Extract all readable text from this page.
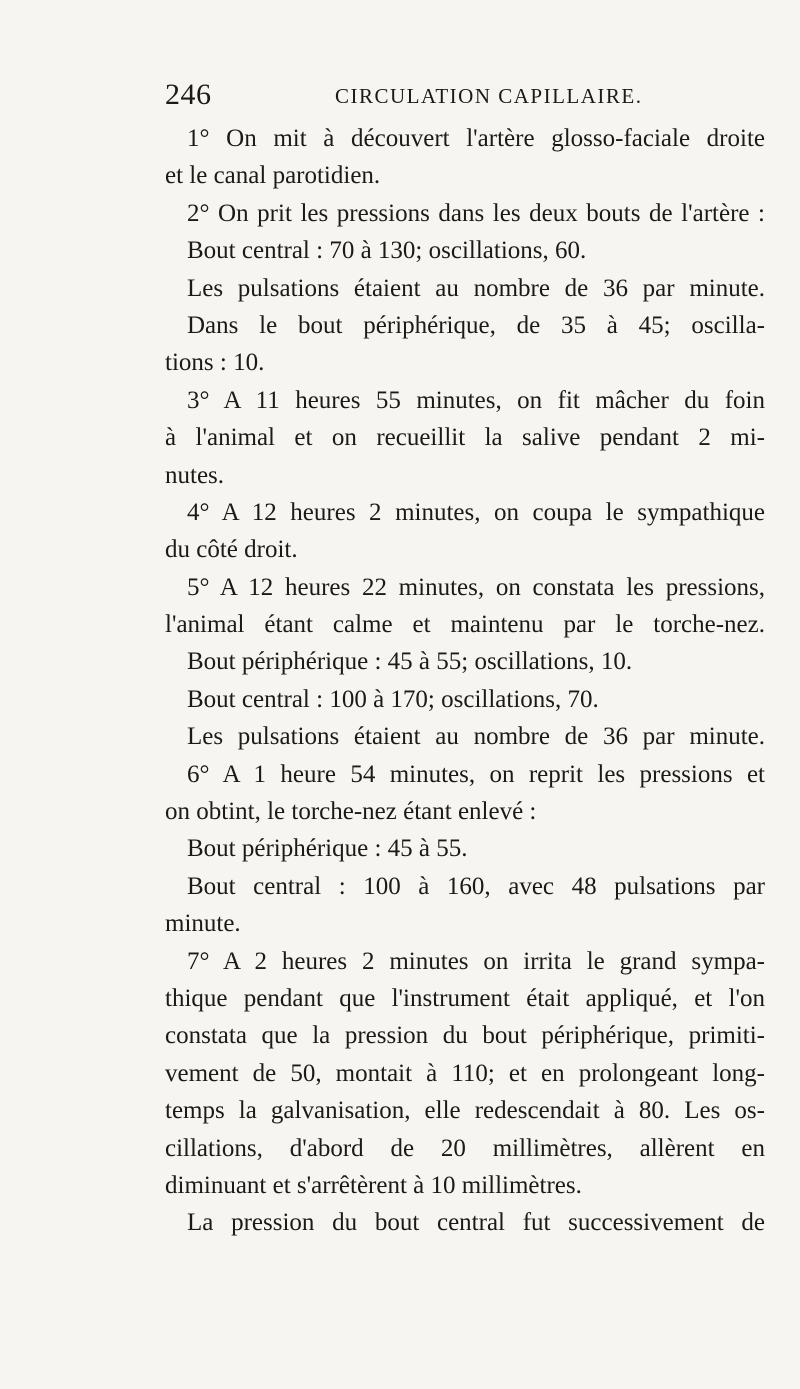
246	CIRCULATION CAPILLAIRE.
1° On mit à découvert l'artère glosso-faciale droite
et le canal parotidien.
2° On prit les pressions dans les deux bouts de l'artère :
Bout central : 70 à 130; oscillations, 60.
Les pulsations étaient au nombre de 36 par minute.
Dans le bout périphérique, de 35 à 45; oscilla-
tions : 10.
3° A 11 heures 55 minutes, on fit mâcher du foin
à l'animal et on recueillit la salive pendant 2 mi-
nutes.
4° A 12 heures 2 minutes, on coupa le sympathique
du côté droit.
5° A 12 heures 22 minutes, on constata les pressions,
l'animal étant calme et maintenu par le torche-nez.
Bout périphérique : 45 à 55; oscillations, 10.
Bout central : 100 à 170; oscillations, 70.
Les pulsations étaient au nombre de 36 par minute.
6° A 1 heure 54 minutes, on reprit les pressions et
on obtint, le torche-nez étant enlevé :
Bout périphérique : 45 à 55.
Bout central : 100 à 160, avec 48 pulsations par
minute.
7° A 2 heures 2 minutes on irrita le grand sympa-
thique pendant que l'instrument était appliqué, et l'on
constata que la pression du bout périphérique, primiti-
vement de 50, montait à 110; et en prolongeant long-
temps la galvanisation, elle redescendait à 80. Les os-
cillations, d'abord de 20 millimètres, allèrent en
diminuant et s'arrêtèrent à 10 millimètres.
La pression du bout central fut successivement de
